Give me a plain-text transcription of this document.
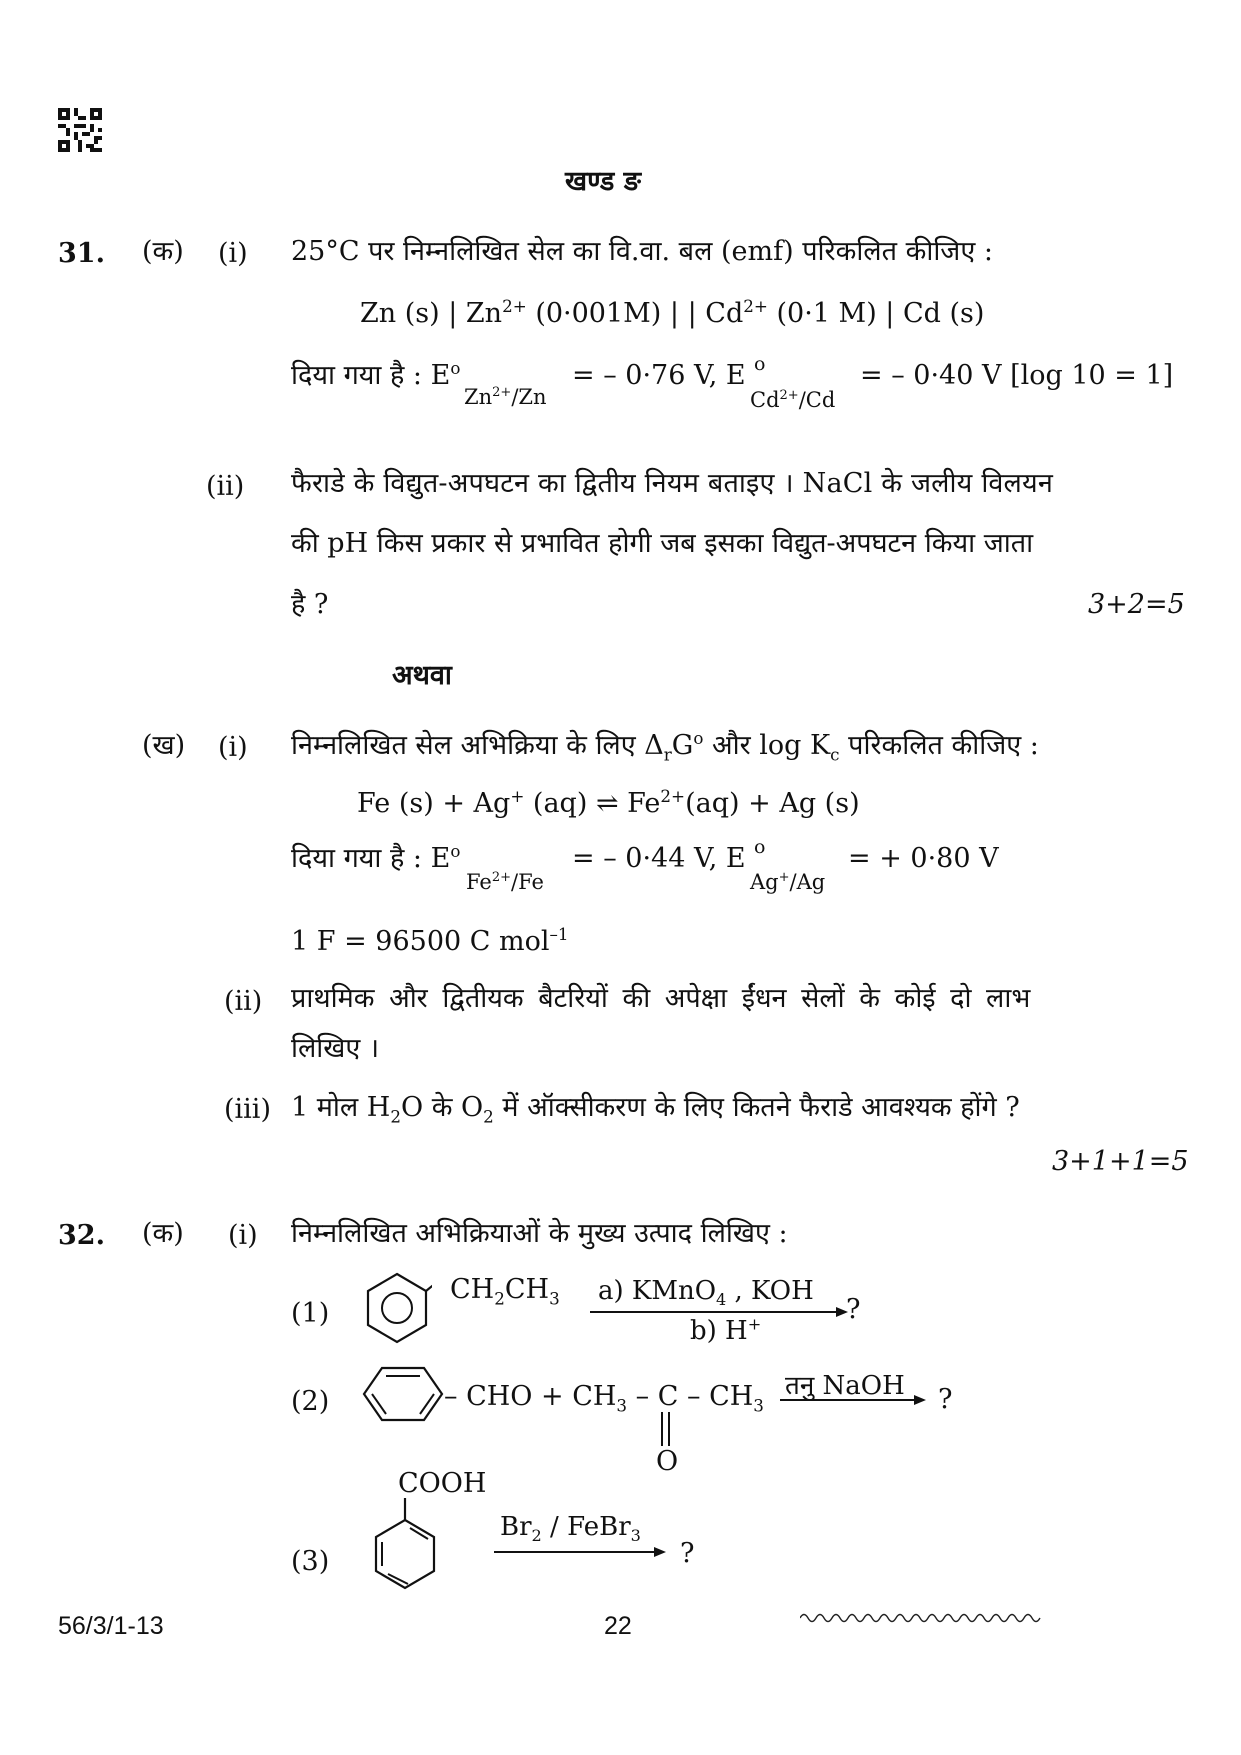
खण्ड ङ
31. (क) (i) 25°C पर निम्नलिखित सेल का वि.वा. बल (emf) परिकलित कीजिए :
Zn (s) | $Zn^{2+}$ (0·001M) | | $Cd^{2+}$ (0·1 M) | Cd (s)
दिया गया है : $E^o$
$Zn^{2+}/Zn$
= – 0·76 V, E o
$Cd^{2+}/Cd$
= – 0·40 V [log 10 = 1]
(ii) फैराडे के विद्युत-अपघटन का द्वितीय नियम बताइए । NaCl के जलीय विलयन
की pH किस प्रकार से प्रभावित होगी जब इसका विद्युत-अपघटन किया जाता
है ?	3+2=5
अथवा
(ख) (i) निम्नलिखित सेल अभिक्रिया के लिए $\Delta_rG^o$ और $\log K_c$ परिकलित कीजिए :
Fe (s) + Ag+ (aq) ⇌ $Fe^{2+}(aq) + Ag$ (s)
दिया गया है : $E^o$
$Fe^{2+}/Fe$
= – 0·44 V, E o
Ag+/Ag
= + 0·80 V
1 F = 96500 C mol$^{-1}$
(ii) प्राथमिक और द्वितीयक बैटरियों की अपेक्षा ईंधन सेलों के कोई दो लाभ
लिखिए ।
(iii) 1 मोल $H_2O$ के $O_2$ में ऑक्सीकरण के लिए कितने फैराडे आवश्यक होंगे ?
3+1+1=5
32. (क) (i) निम्नलिखित अभिक्रियाओं के मुख्य उत्पाद लिखिए :
(1)
$CH_2CH_3$ a) KMnO$_4$ , KOH
b) H+	?
(2)	– CHO + $CH_3$ – C – $CH_3$
O
तनु NaOH ?
COOH
(3)
$Br_2$ / FeBr$_3$
?
56/3/1-13	22
